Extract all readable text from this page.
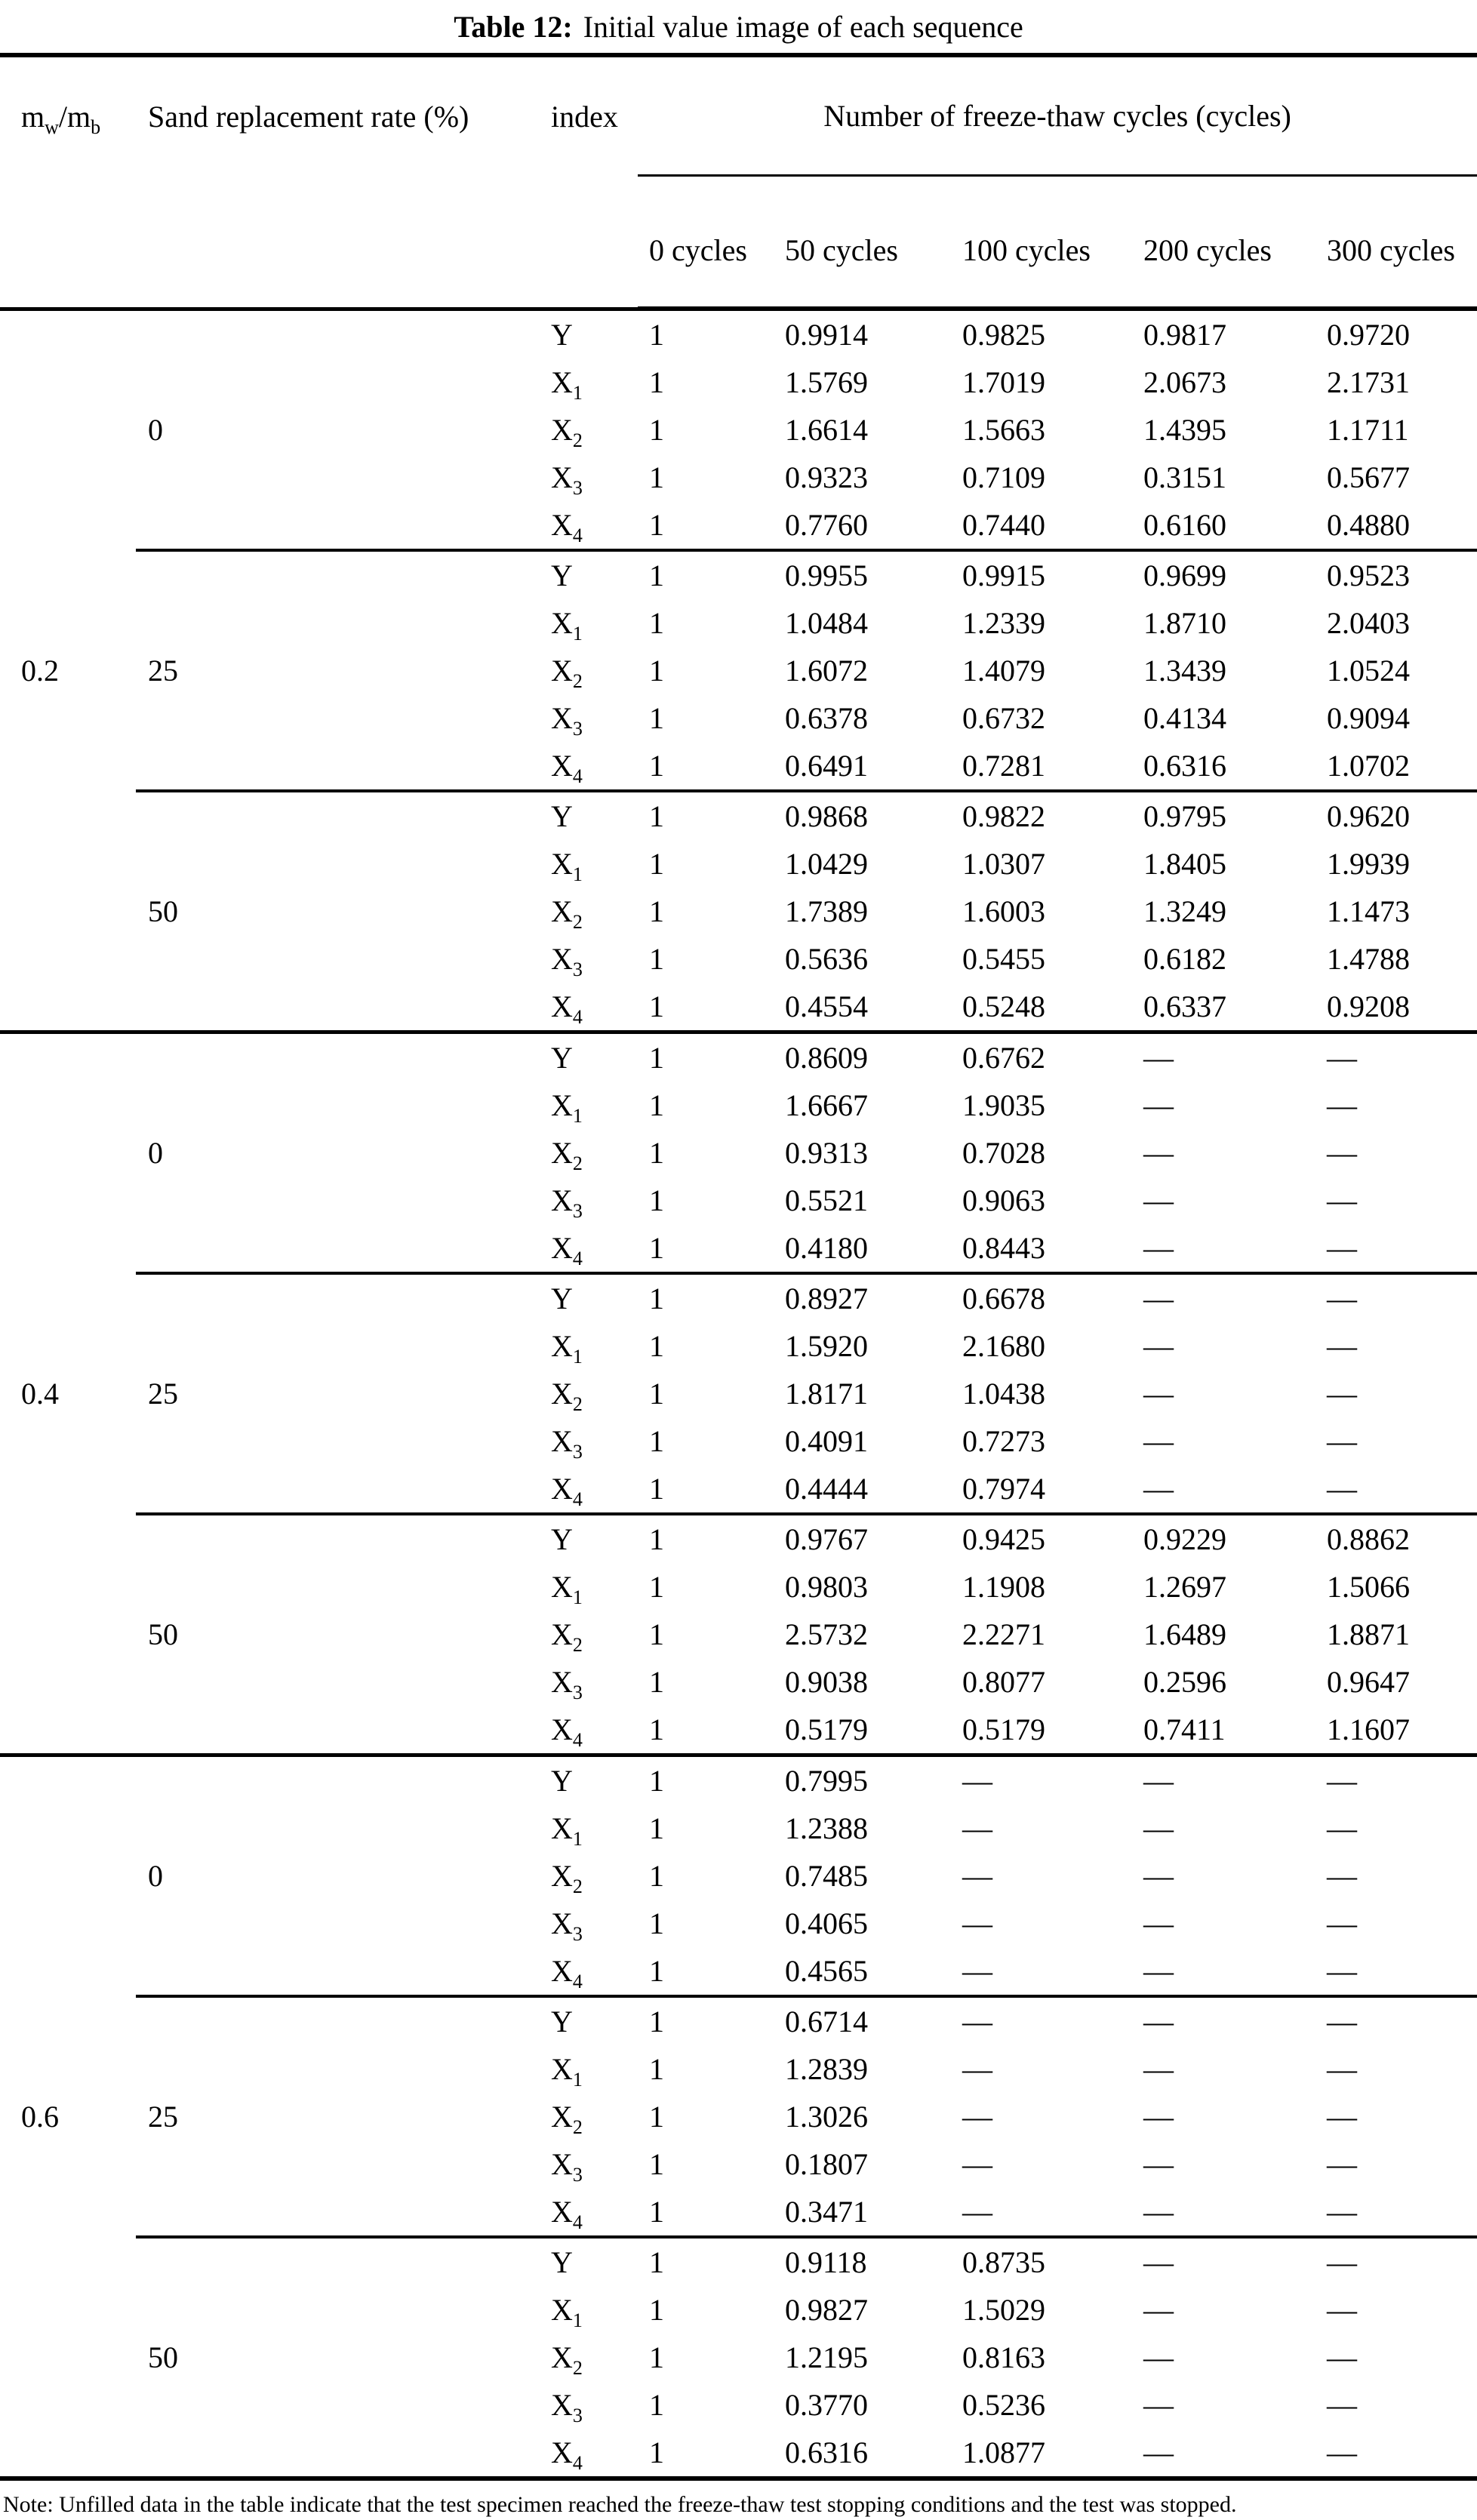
Table 12: Initial value image of each sequence
$m_w/m_b$	Sand replacement rate (%)	index	Number of freeze-thaw cycles (cycles)				
			0 cycles	50 cycles	100 cycles	200 cycles	300 cycles
0.2	0	Y	1	0.9914	0.9825	0.9817	0.9720
		$X_1$	1	1.5769	1.7019	2.0673	2.1731
		$X_2$	1	1.6614	1.5663	1.4395	1.1711
		$X_3$	1	0.9323	0.7109	0.3151	0.5677
		$X_4$	1	0.7760	0.7440	0.6160	0.4880
	25	Y	1	0.9955	0.9915	0.9699	0.9523
		$X_1$	1	1.0484	1.2339	1.8710	2.0403
		$X_2$	1	1.6072	1.4079	1.3439	1.0524
		$X_3$	1	0.6378	0.6732	0.4134	0.9094
		$X_4$	1	0.6491	0.7281	0.6316	1.0702
	50	Y	1	0.9868	0.9822	0.9795	0.9620
		$X_1$	1	1.0429	1.0307	1.8405	1.9939
		$X_2$	1	1.7389	1.6003	1.3249	1.1473
		$X_3$	1	0.5636	0.5455	0.6182	1.4788
		$X_4$	1	0.4554	0.5248	0.6337	0.9208
0.4	0	Y	1	0.8609	0.6762	—	—
		$X_1$	1	1.6667	1.9035	—	—
		$X_2$	1	0.9313	0.7028	—	—
		$X_3$	1	0.5521	0.9063	—	—
		$X_4$	1	0.4180	0.8443	—	—
	25	Y	1	0.8927	0.6678	—	—
		$X_1$	1	1.5920	2.1680	—	—
		$X_2$	1	1.8171	1.0438	—	—
		$X_3$	1	0.4091	0.7273	—	—
		$X_4$	1	0.4444	0.7974	—	—
	50	Y	1	0.9767	0.9425	0.9229	0.8862
		$X_1$	1	0.9803	1.1908	1.2697	1.5066
		$X_2$	1	2.5732	2.2271	1.6489	1.8871
		$X_3$	1	0.9038	0.8077	0.2596	0.9647
		$X_4$	1	0.5179	0.5179	0.7411	1.1607
0.6	0	Y	1	0.7995	—	—	—
		$X_1$	1	1.2388	—	—	—
		$X_2$	1	0.7485	—	—	—
		$X_3$	1	0.4065	—	—	—
		$X_4$	1	0.4565	—	—	—
	25	Y	1	0.6714	—	—	—
		$X_1$	1	1.2839	—	—	—
		$X_2$	1	1.3026	—	—	—
		$X_3$	1	0.1807	—	—	—
		$X_4$	1	0.3471	—	—	—
	50	Y	1	0.9118	0.8735	—	—
		$X_1$	1	0.9827	1.5029	—	—
		$X_2$	1	1.2195	0.8163	—	—
		$X_3$	1	0.3770	0.5236	—	—
		$X_4$	1	0.6316	1.0877	—	—
Note: Unfilled data in the table indicate that the test specimen reached the freeze-thaw test stopping conditions and the test was stopped.
